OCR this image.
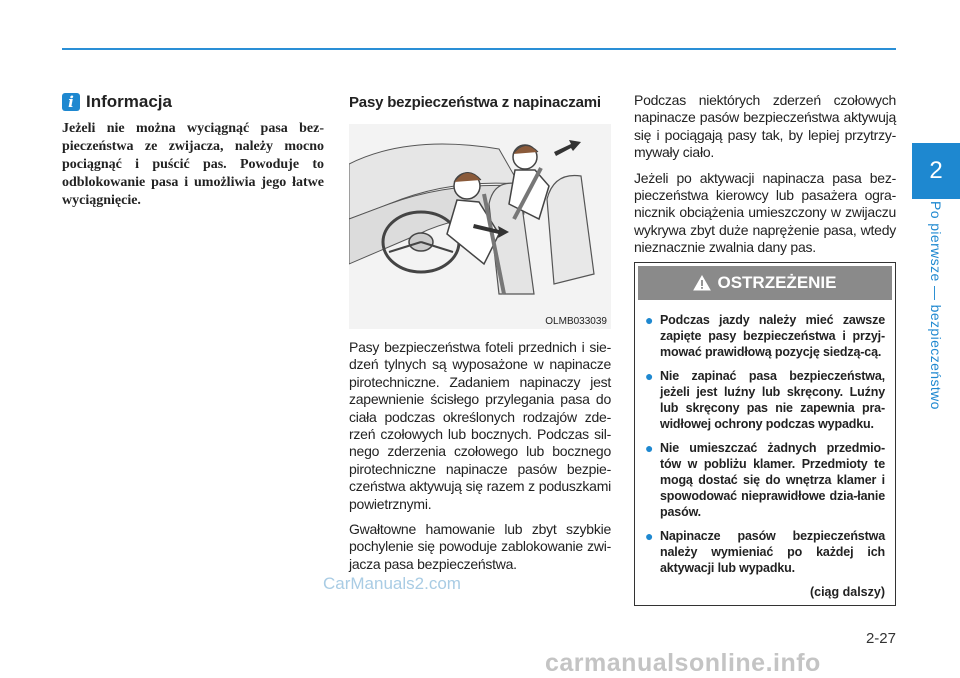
2
Po pierwsze — bezpieczeństwo
i Informacja
Jeżeli nie można wyciągnąć pasa bez-pieczeństwa ze zwijacza, należy mocno pociągnąć i puścić pas. Powoduje to odblokowanie pasa i umożliwia jego łatwe wyciągnięcie.
Pasy bezpieczeństwa z napinaczami
OLMB033039

Pasy bezpieczeństwa foteli przednich i sie-dzeń tylnych są wyposażone w napinacze pirotechniczne. Zadaniem napinaczy jest zapewnienie ścisłego przylegania pasa do ciała podczas określonych rodzajów zde-rzeń czołowych lub bocznych. Podczas sil-nego zderzenia czołowego lub bocznego pirotechniczne napinacze pasów bezpie-czeństwa aktywują się razem z poduszkami powietrznymi.

Gwałtowne hamowanie lub zbyt szybkie pochylenie się powoduje zablokowanie zwi-jacza pasa bezpieczeństwa.

Podczas niektórych zderzeń czołowych napinacze pasów bezpieczeństwa aktywują się i pociągają pasy tak, by lepiej przytrzy-mywały ciało.

Jeżeli po aktywacji napinacza pasa bez-pieczeństwa kierowcy lub pasażera ogra-nicznik obciążenia umieszczony w zwijaczu wykrywa zbyt duże naprężenie pasa, wtedy nieznacznie zwalnia dany pas.

OSTRZEŻENIE
● Podczas jazdy należy mieć zawsze zapięte pasy bezpieczeństwa i przyj-mować prawidłową pozycję siedzą-cą.
● Nie zapinać pasa bezpieczeństwa, jeżeli jest luźny lub skręcony. Luźny lub skręcony pas nie zapewnia pra-widłowej ochrony podczas wypadku.
● Nie umieszczać żadnych przedmio-tów w pobliżu klamer. Przedmioty te mogą dostać się do wnętrza klamer i spowodować nieprawidłowe dzia-łanie pasów.
● Napinacze pasów bezpieczeństwa należy wymieniać po każdej ich aktywacji lub wypadku.
(ciąg dalszy)
2-27
CarManuals2.com
carmanualsonline.info
